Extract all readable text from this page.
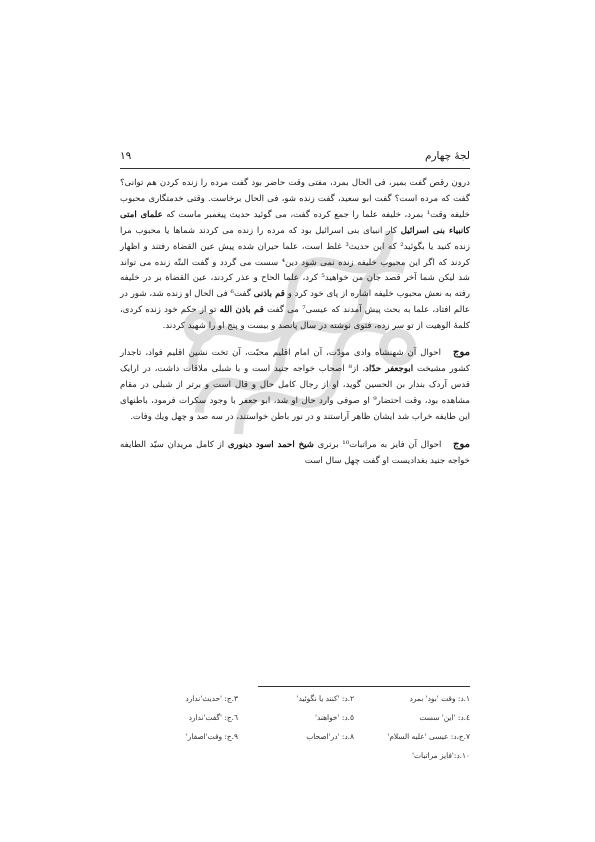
لجهٔ چهارم
١٩

درون رقص گفت بمیر، فی الحال بمرد، مفتی وقت حاضر بود گفت مرده را زنده کردن هم توانی؟ گفت که مرده است؟ گفت ابو سعید، گفت زنده شو، فی الحال برخاست. وقتی خدمتگاری محبوب خلیفه وقت¹ بمرد، خلیفه علما را جمع کرده گفت، می گوئید حدیث پیغمبر ماست که علمای امتی کانبیاء بنی اسرائیل کار انبیای بنی اسرائیل بود که مرده را زنده می کردند شماها یا محبوب مرا زنده کنید یا بگوئید² که این حدیث³ غلط است، علما حیران شده پیش عین القضاة رفتند و اظهار کردند که اگر این محبوب خلیفه زنده نمی شود دین⁴ سست می گردد و گفت البتّه زنده می تواند شد لیکن شما آخر قصد جان من خواهید⁵ کرد، علما الحاح و عذر کردند، عین القضاة بر در خلیفه رفته به نعش محبوب خلیفه اشاره از پای خود کرد و قم باذنی گفت⁶ فی الحال او زنده شد، شور در عالم افتاد، علما به بحث پیش آمدند که عیسی⁷ می گفت قم باذن الله تو از حکم خود زنده کردی، کلمهٔ الوهیت از تو سر زده، فتوی نوشته در سال پانصد و بیست و پنج او را شهید کردند.

موج احوال آن شهنشاه وادی مودّت، آن امام اقلیم محبّت، آن تخت نشین اقلیم فواد، تاجدار کشور مشیخت ابوجعفر حدّاد، از⁸ اصحاب خواجه جنید است و با شبلی ملاقات داشت، در ارایک قدس آردک بندار بن الحسین گوید، او از رجال کامل حال و قال است و برتر از شبلی در مقام مشاهده بود، وقت احتضار⁹ او صوفی وارد حال او شد، ابو جعفر با وجود سکرات فرمود، باطنهای این طایفه خراب شد ایشان ظاهر آراستند و در نور باطن خواستند، در سه صد و چهل ویك وفات.

موج احوال آن فایز به مراتبات¹⁰ برتری شیخ احمد اسود دینوری از کامل مریدان سیّد الطایفه خواجه جنید بغدادیست او گفت چهل سال است

١.د: وقت 'بود' بمرد
٢.د: 'کنند یا نگوئید'
٣.ج: 'حدیث'ندارد
٤.د: 'این' سست
٥.د: 'خواهند'
٦.ج: 'گفت'ندارد
٧.ج،د: عیسی 'علیه السلام'
٨.د: 'در'اصحاب
٩.ج: وقت'اصفار'
١٠.د:'فایز مراتبات'
